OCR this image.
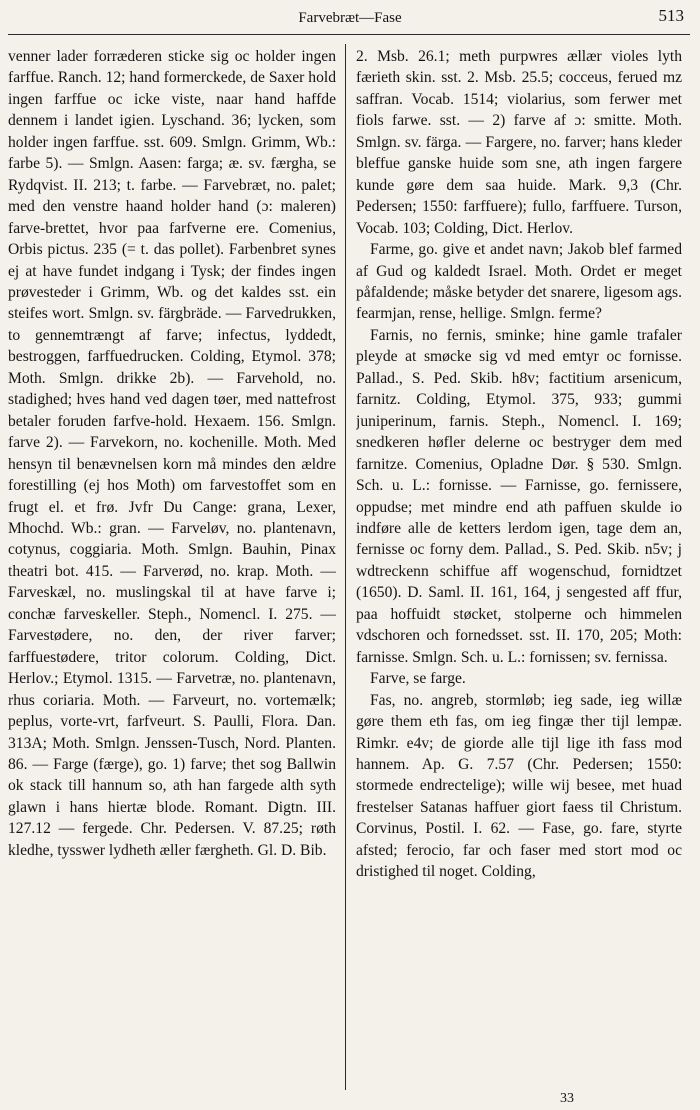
Farvebræt—Fase	513

venner lader forræderen sticke sig oc holder ingen farffue. Ranch. 12; hand formerckede, de Saxer hold ingen farffue oc icke viste, naar hand haffde dennem i landet igien. Lyschand. 36; lycken, som holder ingen farffue. sst. 609. Smlgn. Grimm, Wb.: farbe 5). — Smlgn. Aasen: farga; æ. sv. færgha, se Rydqvist. II. 213; t. farbe. — Farvebræt, no. palet; med den venstre haand holder hand (ɔ: maleren) farve-brettet, hvor paa farfverne ere. Comenius, Orbis pictus. 235 (= t. das pollet). Farbenbret synes ej at have fundet indgang i Tysk; der findes ingen prøvesteder i Grimm, Wb. og det kaldes sst. ein steifes wort. Smlgn. sv. färgbräde. — Farvedrukken, to gennemtrængt af farve; infectus, lyddedt, bestroggen, farffuedrucken. Colding, Etymol. 378; Moth. Smlgn. drikke 2b). — Farvehold, no. stadighed; hves hand ved dagen tøer, med nattefrost betaler foruden farfve-hold. Hexaem. 156. Smlgn. farve 2). — Farvekorn, no. kochenille. Moth. Med hensyn til benævnelsen korn må mindes den ældre forestilling (ej hos Moth) om farvestoffet som en frugt el. et frø. Jvfr Du Cange: grana, Lexer, Mhochd. Wb.: gran. — Farveløv, no. plantenavn, cotynus, coggiaria. Moth. Smlgn. Bauhin, Pinax theatri bot. 415. — Farverød, no. krap. Moth. — Farveskæl, no. muslingskal til at have farve i; conchæ farveskeller. Steph., Nomencl. I. 275. — Farvestødere, no. den, der river farver; farffuestødere, tritor colorum. Colding, Dict. Herlov.; Etymol. 1315. — Farvetræ, no. plantenavn, rhus coriaria. Moth. — Farveurt, no. vortemælk; peplus, vorte-vrt, farfveurt. S. Paulli, Flora. Dan. 313A; Moth. Smlgn. Jenssen-Tusch, Nord. Planten. 86. — Farge (færge), go. 1) farve; thet sog Ballwin ok stack till hannum so, ath han fargede alth syth glawn i hans hiertæ blode. Romant. Digtn. III. 127.12 — fergede. Chr. Pedersen. V. 87.25; røth kledhe, tysswer lydheth æller færgheth. Gl. D. Bib.

2. Msb. 26.1; meth purpwres ællær violes lyth færieth skin. sst. 2. Msb. 25.5; cocceus, ferued mz saffran. Vocab. 1514; violarius, som ferwer met fiols farwe. sst. — 2) farve af ɔ: smitte. Moth. Smlgn. sv. färga. — Fargere, no. farver; hans kleder bleffue ganske huide som sne, ath ingen fargere kunde gøre dem saa huide. Mark. 9,3 (Chr. Pedersen; 1550: farffuere); fullo, farffuere. Turson, Vocab. 103; Colding, Dict. Herlov.

Farme, go. give et andet navn; Jakob blef farmed af Gud og kaldedt Israel. Moth. Ordet er meget påfaldende; måske betyder det snarere, ligesom ags. fearmjan, rense, hellige. Smlgn. ferme?

Farnis, no fernis, sminke; hine gamle trafaler pleyde at smøcke sig vd med emtyr oc fornisse. Pallad., S. Ped. Skib. h8v; factitium arsenicum, farnitz. Colding, Etymol. 375, 933; gummi juniperinum, farnis. Steph., Nomencl. I. 169; snedkeren høfler delerne oc bestryger dem med farnitze. Comenius, Opladne Dør. § 530. Smlgn. Sch. u. L.: fornisse. — Farnisse, go. fernissere, oppudse; met mindre end ath paffuen skulde io indføre alle de ketters lerdom igen, tage dem an, fernisse oc forny dem. Pallad., S. Ped. Skib. n5v; j wdtreckenn schiffue aff wogenschud, fornidtzet (1650). D. Saml. II. 161, 164, j sengested aff ffur, paa hoffuidt støcket, stolperne och himmelen vdschoren och fornedsset. sst. II. 170, 205; Moth: farnisse. Smlgn. Sch. u. L.: fornissen; sv. fernissa.

Farve, se farge.

Fas, no. angreb, stormløb; ieg sade, ieg willæ gøre them eth fas, om ieg fingæ ther tijl lempæ. Rimkr. e4v; de giorde alle tijl lige ith fass mod hannem. Ap. G. 7.57 (Chr. Pedersen; 1550: stormede endrectelige); wille wij besee, met huad frestelser Satanas haffuer giort faess til Christum. Corvinus, Postil. I. 62. — Fase, go. fare, styrte afsted; ferocio, far och faser med stort mod oc dristighed til noget. Colding,

33
